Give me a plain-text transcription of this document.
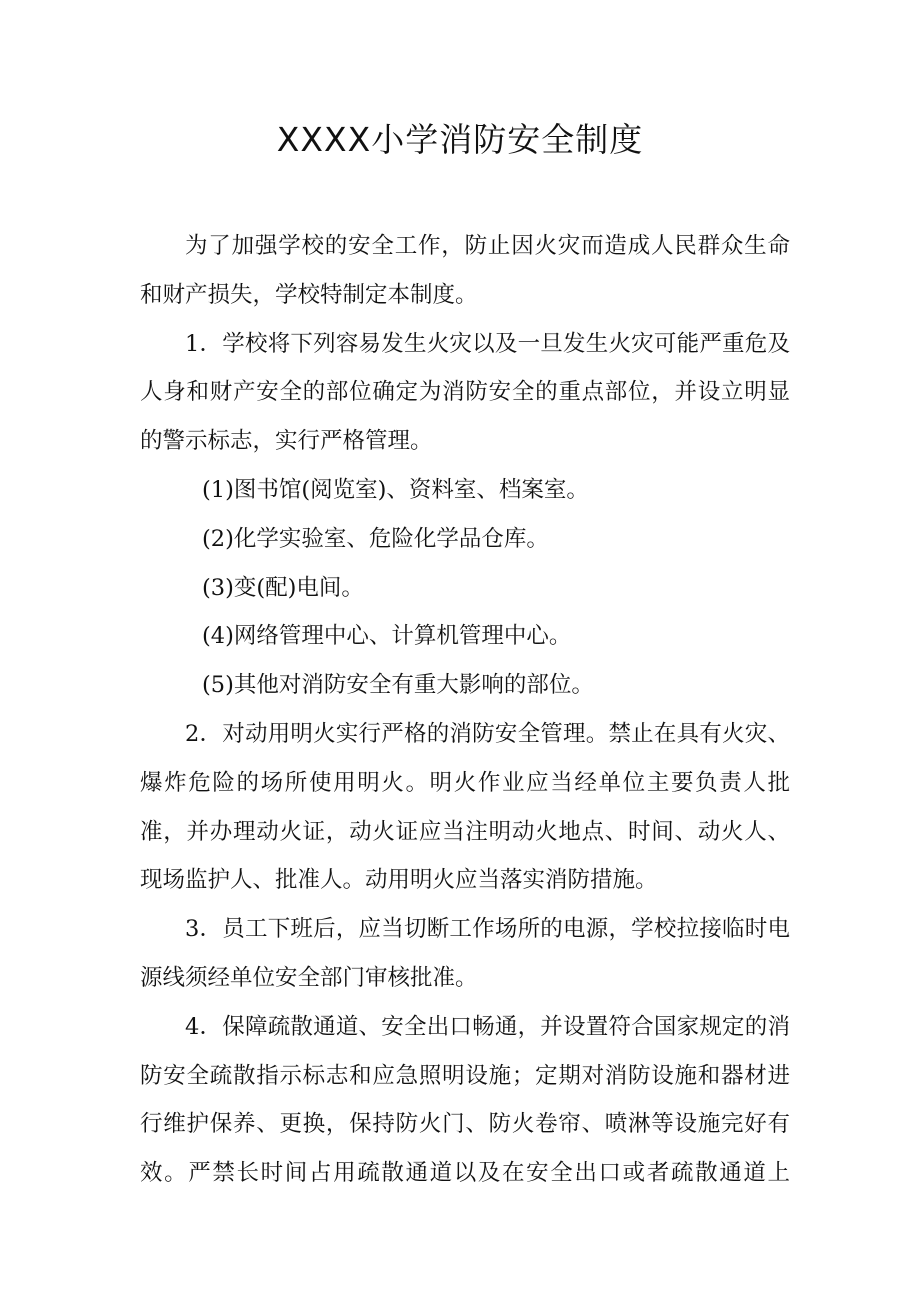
XXXX小学消防安全制度

为了加强学校的安全工作，防止因火灾而造成人民群众生命和财产损失，学校特制定本制度。

1．学校将下列容易发生火灾以及一旦发生火灾可能严重危及人身和财产安全的部位确定为消防安全的重点部位，并设立明显的警示标志，实行严格管理。

(1)图书馆(阅览室)、资料室、档案室。

(2)化学实验室、危险化学品仓库。

(3)变(配)电间。

(4)网络管理中心、计算机管理中心。

(5)其他对消防安全有重大影响的部位。

2．对动用明火实行严格的消防安全管理。禁止在具有火灾、爆炸危险的场所使用明火。明火作业应当经单位主要负责人批准，并办理动火证，动火证应当注明动火地点、时间、动火人、现场监护人、批准人。动用明火应当落实消防措施。

3．员工下班后，应当切断工作场所的电源，学校拉接临时电源线须经单位安全部门审核批准。

4．保障疏散通道、安全出口畅通，并设置符合国家规定的消防安全疏散指示标志和应急照明设施；定期对消防设施和器材进行维护保养、更换，保持防火门、防火卷帘、喷淋等设施完好有效。严禁长时间占用疏散通道以及在安全出口或者疏散通道上
